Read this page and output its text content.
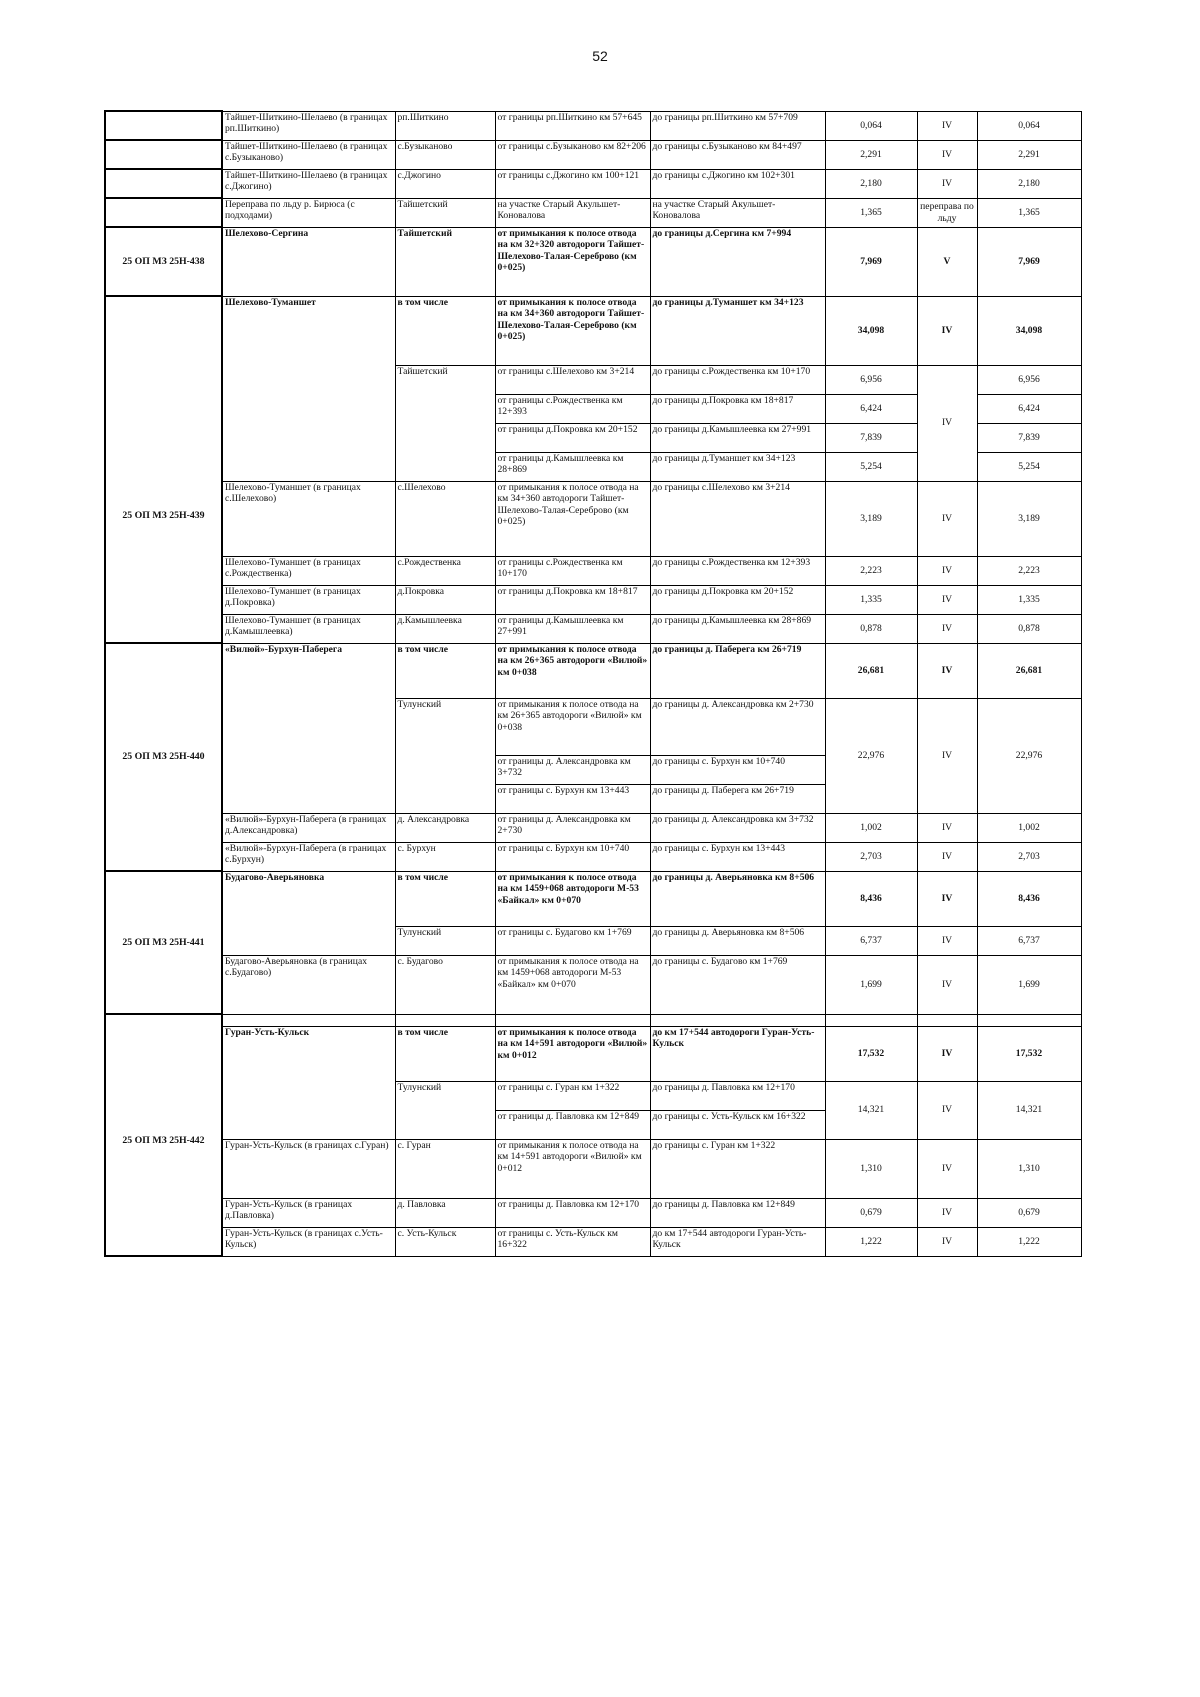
52
	Тайшет-Шиткино-Шелаево (в границах рп.Шиткино)	рп.Шиткино	от границы рп.Шиткино км 57+645	до границы рп.Шиткино км 57+709	0,064	IV	0,064
	Тайшет-Шиткино-Шелаево (в границах с.Бузыканово)	с.Бузыканово	от границы с.Бузыканово км 82+206	до границы с.Бузыканово км 84+497	2,291	IV	2,291
	Тайшет-Шиткино-Шелаево (в границах с.Джогино)	с.Джогино	от границы с.Джогино км 100+121	до границы с.Джогино км 102+301	2,180	IV	2,180
	Переправа по льду р. Бирюса (с подходами)	Тайшетский	на участке Старый Акульшет-Коновалова	на участке Старый Акульшет-Коновалова	1,365	переправа по льду	1,365
25 ОП МЗ 25Н-438	Шелехово-Сергина	Тайшетский	от примыкания к полосе отвода на км 32+320 автодороги Тайшет-Шелехово-Талая-Сереброво (км 0+025)	до границы д.Сергина км 7+994	7,969	V	7,969
25 ОП МЗ 25Н-439	Шелехово-Туманшет	в том числе	от примыкания к полосе отвода на км 34+360 автодороги Тайшет-Шелехово-Талая-Сереброво (км 0+025)	до границы д.Туманшет км 34+123	34,098	IV	34,098
		Тайшетский	от границы с.Шелехово км 3+214	до границы с.Рождественка км 10+170	6,956	IV	6,956
			от границы с.Рождественка км 12+393	до границы д.Покровка км 18+817	6,424		6,424
			от границы д.Покровка км 20+152	до границы д.Камышлеевка км 27+991	7,839		7,839
			от границы д.Камышлеевка км 28+869	до границы д.Туманшет км 34+123	5,254		5,254
	Шелехово-Туманшет (в границах с.Шелехово)	с.Шелехово	от примыкания к полосе отвода на км 34+360 автодороги Тайшет-Шелехово-Талая-Сереброво (км 0+025)	до границы с.Шелехово км 3+214	3,189	IV	3,189
	Шелехово-Туманшет (в границах с.Рождественка)	с.Рождественка	от границы с.Рождественка км 10+170	до границы с.Рождественка км 12+393	2,223	IV	2,223
	Шелехово-Туманшет (в границах д.Покровка)	д.Покровка	от границы д.Покровка км 18+817	до границы д.Покровка км 20+152	1,335	IV	1,335
	Шелехово-Туманшет (в границах д.Камышлеевка)	д.Камышлеевка	от границы д.Камышлеевка км 27+991	до границы д.Камышлеевка км 28+869	0,878	IV	0,878
25 ОП МЗ 25Н-440	«Вилюй»-Бурхун-Паберега	в том числе	от примыкания к полосе отвода на км 26+365 автодороги «Вилюй» км 0+038	до границы д. Паберега км 26+719	26,681	IV	26,681
		Тулунский	от примыкания к полосе отвода на км 26+365 автодороги «Вилюй» км 0+038	до границы д. Александровка км 2+730	22,976	IV	22,976
			от границы д. Александровка км 3+732	до границы с. Бурхун км 10+740			
			от границы с. Бурхун км 13+443	до границы д. Паберега км 26+719			
	«Вилюй»-Бурхун-Паберега (в границах д.Александровка)	д. Александровка	от границы д. Александровка км 2+730	до границы д. Александровка км 3+732	1,002	IV	1,002
	«Вилюй»-Бурхун-Паберега (в границах с.Бурхун)	с. Бурхун	от границы с. Бурхун км 10+740	до границы с. Бурхун км 13+443	2,703	IV	2,703
25 ОП МЗ 25Н-441	Будагово-Аверьяновка	в том числе	от примыкания к полосе отвода на км 1459+068 автодороги М-53 «Байкал» км 0+070	до границы д. Аверьяновка км 8+506	8,436	IV	8,436
		Тулунский	от границы с. Будагово км 1+769	до границы д. Аверьяновка км 8+506	6,737	IV	6,737
	Будагово-Аверьяновка (в границах с.Будагово)	с. Будагово	от примыкания к полосе отвода на км 1459+068 автодороги М-53 «Байкал» км 0+070	до границы с. Будагово км 1+769	1,699	IV	1,699

25 ОП МЗ 25Н-442	Гуран-Усть-Кульск	в том числе	от примыкания к полосе отвода на км 14+591 автодороги «Вилюй» км 0+012	до км 17+544 автодороги Гуран-Усть-Кульск	17,532	IV	17,532
		Тулунский	от границы с. Гуран км 1+322	до границы д. Павловка км 12+170	14,321	IV	14,321
			от границы д. Павловка км 12+849	до границы с. Усть-Кульск км 16+322			
	Гуран-Усть-Кульск (в границах с.Гуран)	с. Гуран	от примыкания к полосе отвода на км 14+591 автодороги «Вилюй» км 0+012	до границы с. Гуран км 1+322	1,310	IV	1,310
	Гуран-Усть-Кульск (в границах д.Павловка)	д. Павловка	от границы д. Павловка км 12+170	до границы д. Павловка км 12+849	0,679	IV	0,679
	Гуран-Усть-Кульск (в границах с.Усть-Кульск)	с. Усть-Кульск	от границы с. Усть-Кульск км 16+322	до км 17+544 автодороги Гуран-Усть-Кульск	1,222	IV	1,222
